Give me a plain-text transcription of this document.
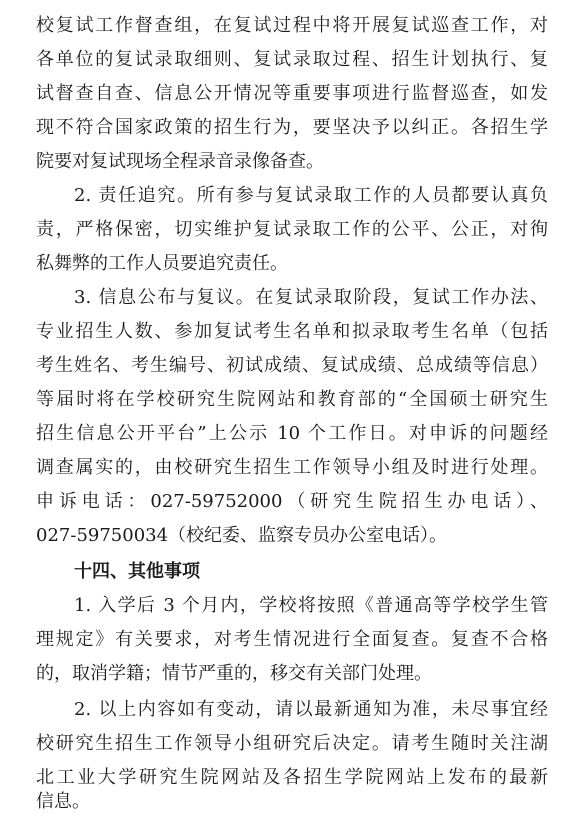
校复试工作督查组，在复试过程中将开展复试巡查工作，对
各单位的复试录取细则、复试录取过程、招生计划执行、复
试督查自查、信息公开情况等重要事项进行监督巡查，如发
现不符合国家政策的招生行为，要坚决予以纠正。各招生学
院要对复试现场全程录音录像备查。
2. 责任追究。所有参与复试录取工作的人员都要认真负
责，严格保密，切实维护复试录取工作的公平、公正，对徇
私舞弊的工作人员要追究责任。
3. 信息公布与复议。在复试录取阶段，复试工作办法、
专业招生人数、参加复试考生名单和拟录取考生名单（包括
考生姓名、考生编号、初试成绩、复试成绩、总成绩等信息）
等届时将在学校研究生院网站和教育部的“全国硕士研究生
招生信息公开平台”上公示 10 个工作日。对申诉的问题经
调查属实的，由校研究生招生工作领导小组及时进行处理。
申诉电话：027-59752000（研究生院招生办电话）、
027-59750034（校纪委、监察专员办公室电话）。
十四、其他事项
1. 入学后 3 个月内，学校将按照《普通高等学校学生管
理规定》有关要求，对考生情况进行全面复查。复查不合格
的，取消学籍；情节严重的，移交有关部门处理。
2. 以上内容如有变动，请以最新通知为准，未尽事宜经
校研究生招生工作领导小组研究后决定。请考生随时关注湖
北工业大学研究生院网站及各招生学院网站上发布的最新
信息。
